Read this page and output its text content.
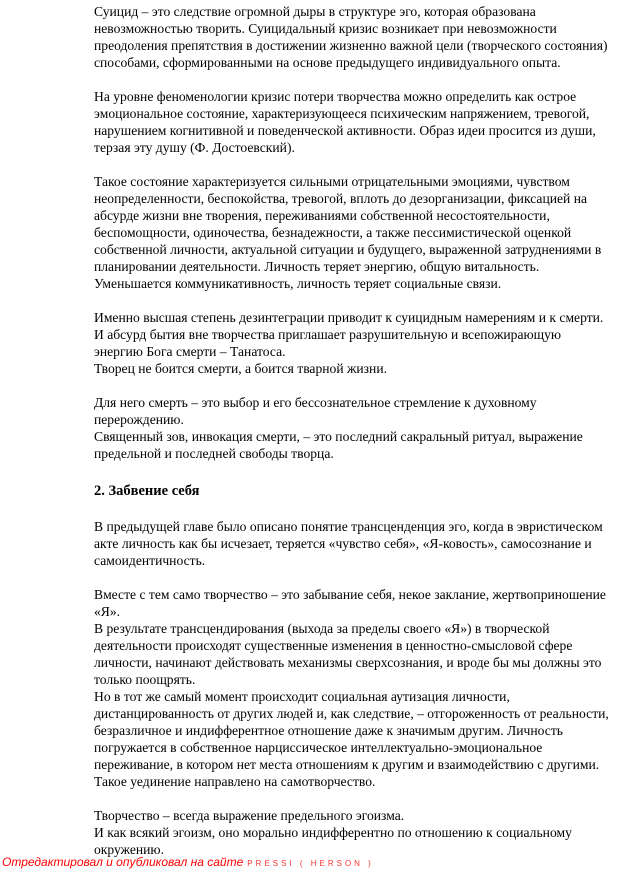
Суицид – это следствие огромной дыры в структуре эго, которая образована невозможностью творить. Суицидальный кризис возникает при невозможности преодоления препятствия в достижении жизненно важной цели (творческого состояния) способами, сформированными на основе предыдущего индивидуального опыта.

На уровне феноменологии кризис потери творчества можно определить как острое эмоциональное состояние, характеризующееся психическим напряжением, тревогой, нарушением когнитивной и поведенческой активности. Образ идеи просится из души, терзая эту душу (Ф. Достоевский).

Такое состояние характеризуется сильными отрицательными эмоциями, чувством неопределенности, беспокойства, тревогой, вплоть до дезорганизации, фиксацией на абсурде жизни вне творения, переживаниями собственной несостоятельности, беспомощности, одиночества, безнадежности, а также пессимистической оценкой собственной личности, актуальной ситуации и будущего, выраженной затруднениями в планировании деятельности. Личность теряет энергию, общую витальность. Уменьшается коммуникативность, личность теряет социальные связи.

Именно высшая степень дезинтеграции приводит к суицидным намерениям и к смерти.

И абсурд бытия вне творчества приглашает разрушительную и всепожирающую энергию Бога смерти – Танатоса.

Творец не боится смерти, а боится тварной жизни.

Для него смерть – это выбор и его бессознательное стремление к духовному перерождению.

Священный зов, инвокация смерти, – это последний сакральный ритуал, выражение предельной и последней свободы творца.

2. Забвение себя

В предыдущей главе было описано понятие трансценденция эго, когда в эвристическом акте личность как бы исчезает, теряется «чувство себя», «Я-ковость», самосознание и самоидентичность.

Вместе с тем само творчество – это забывание себя, некое заклание, жертвоприношение «Я».

В результате трансцендирования (выхода за пределы своего «Я») в творческой деятельности происходят существенные изменения в ценностно-смысловой сфере личности, начинают действовать механизмы сверхсознания, и вроде бы мы должны это только поощрять.

Но в тот же самый момент происходит социальная аутизация личности, дистанцированность от других людей и, как следствие, – отгороженность от реальности, безразличное и индифферентное отношение даже к значимым другим. Личность погружается в собственное нарциссическое интеллектуально-эмоциональное переживание, в котором нет места отношениям к другим и взаимодействию с другими. Такое уединение направлено на самотворчество.

Творчество – всегда выражение предельного эгоизма.

И как всякий эгоизм, оно морально индифферентно по отношению к социальному окружению.

Отредактировал и опубликовал на сайте PRESSI ( HERSON )
